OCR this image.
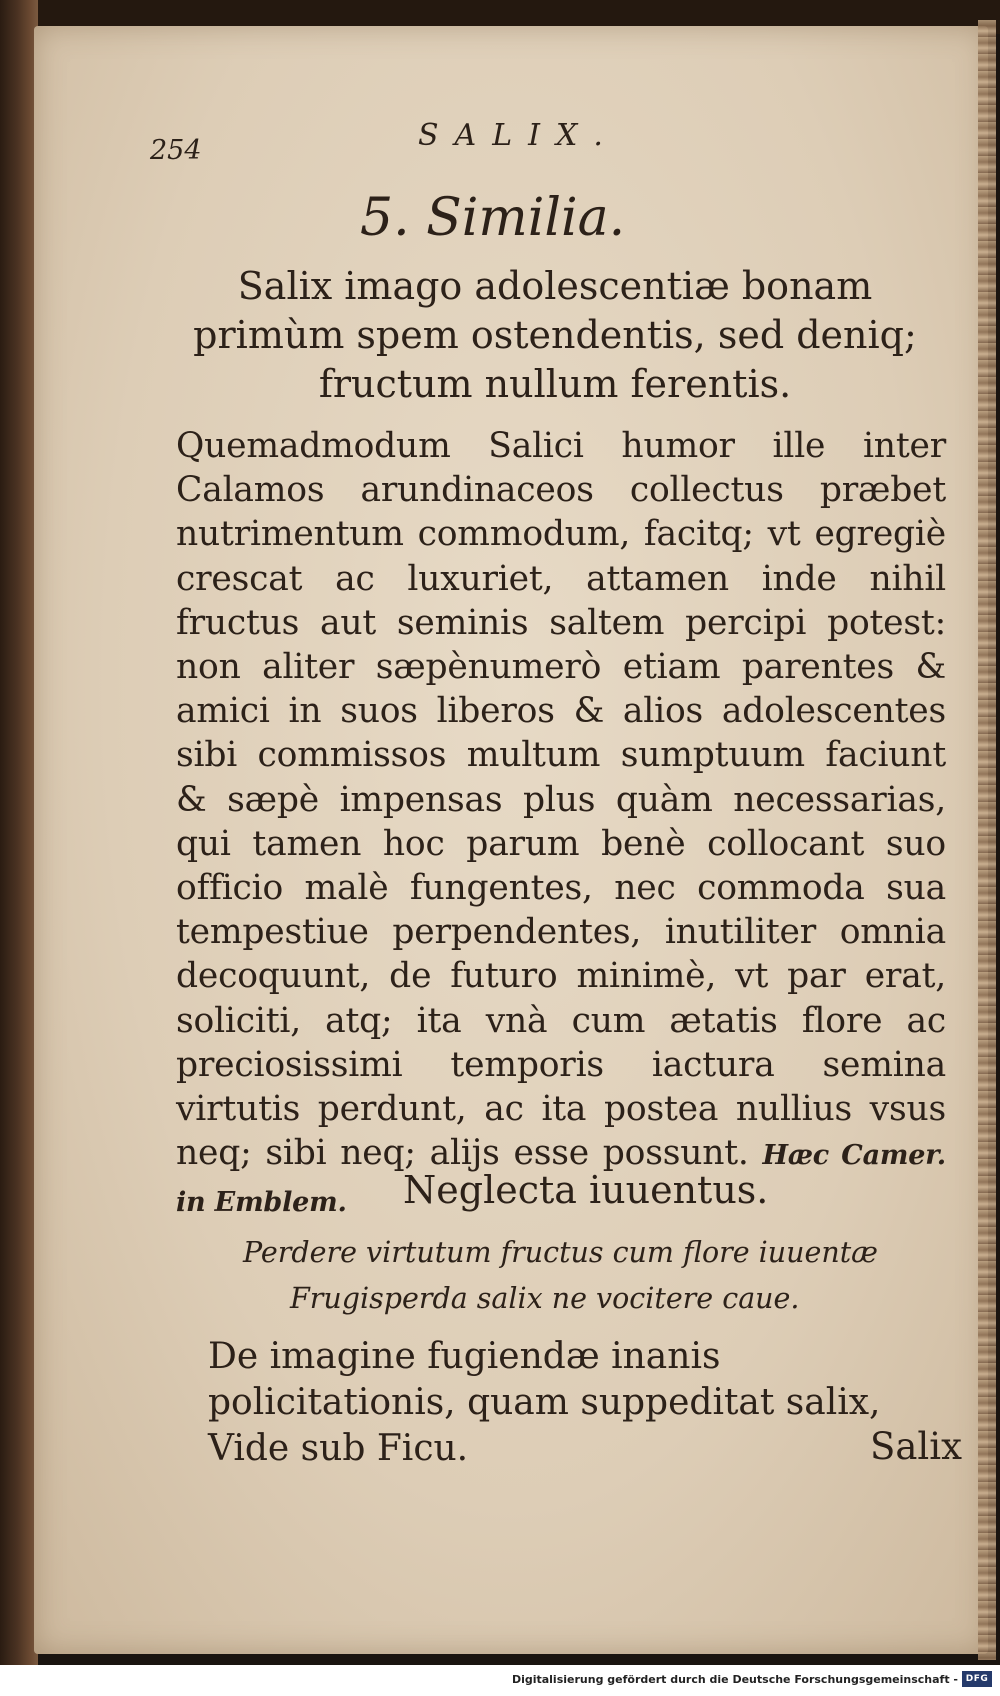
254	SALIX.
5. Similia.
Salix imago adolescentiæ bonam primùm spem ostendentis, sed deniq; fructum nullum ferentis.
Quemadmodum Salici humor ille inter Calamos arundinaceos collectus præbet nutrimentum commodum, facitq; vt egregiè crescat ac luxuriet, attamen inde nihil fructus aut seminis saltem percipi potest: non aliter sæpènumerò etiam parentes & amici in suos liberos & alios adolescentes sibi commissos multum sumptuum faciunt & sæpè impensas plus quàm necessarias, qui tamen hoc parum benè collocant suo officio malè fungentes, nec commoda sua tempestiue perpendentes, inutiliter omnia decoquunt, de futuro minimè, vt par erat, soliciti, atq; ita vnà cum ætatis flore ac preciosissimi temporis iactura semina virtutis perdunt, ac ita postea nullius vsus neq; sibi neq; alijs esse possunt. Hæc Camer. in Emblem.	Neglecta iuuentus.
Perdere virtutum fructus cum flore iuuentæ
Frugisperda salix ne vocitere caue.
De imagine fugiendæ inanis policitationis, quam suppeditat salix, Vide sub Ficu.	Salix
Digitalisierung gefördert durch die Deutsche Forschungsgemeinschaft - DFG
